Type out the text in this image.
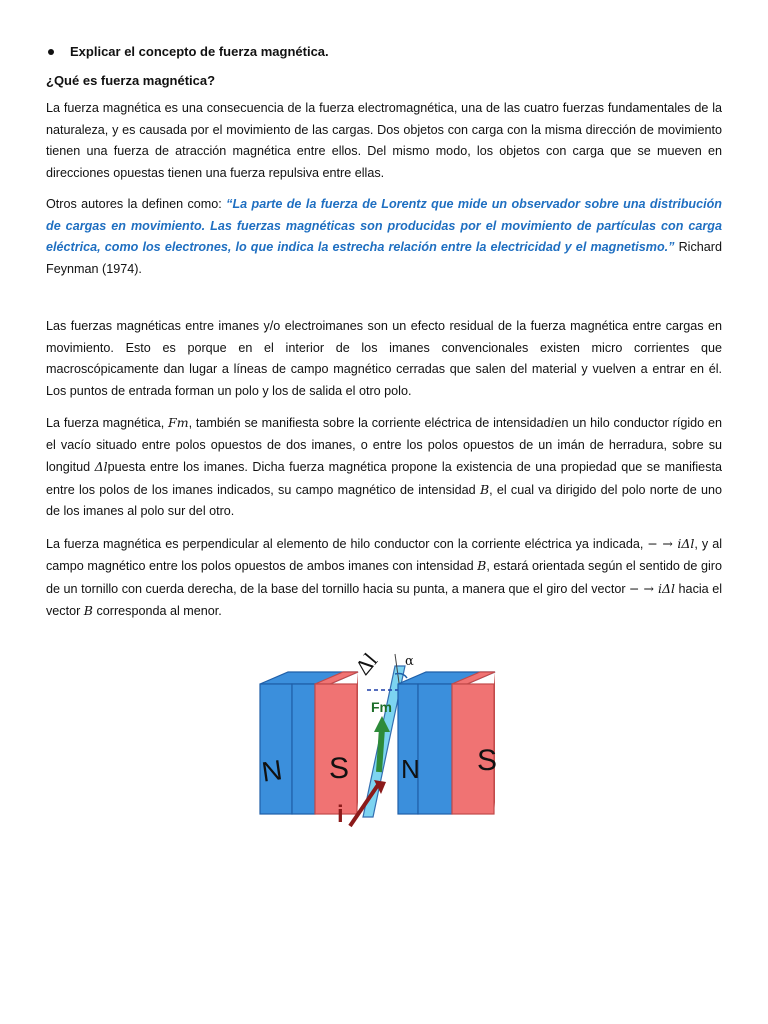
Explicar el concepto de fuerza magnética.
¿Qué es fuerza magnética?

La fuerza magnética es una consecuencia de la fuerza electromagnética, una de las cuatro fuerzas fundamentales de la naturaleza, y es causada por el movimiento de las cargas. Dos objetos con carga con la misma dirección de movimiento tienen una fuerza de atracción magnética entre ellos. Del mismo modo, los objetos con carga que se mueven en direcciones opuestas tienen una fuerza repulsiva entre ellas.

Otros autores la definen como: “La parte de la fuerza de Lorentz que mide un observador sobre una distribución de cargas en movimiento. Las fuerzas magnéticas son producidas por el movimiento de partículas con carga eléctrica, como los electrones, lo que indica la estrecha relación entre la electricidad y el magnetismo.” Richard Feynman (1974).

Las fuerzas magnéticas entre imanes y/o electroimanes son un efecto residual de la fuerza magnética entre cargas en movimiento. Esto es porque en el interior de los imanes convencionales existen micro corrientes que macroscópicamente dan lugar a líneas de campo magnético cerradas que salen del material y vuelven a entrar en él. Los puntos de entrada forman un polo y los de salida el otro polo.

La fuerza magnética, Fm, también se manifiesta sobre la corriente eléctrica de intensidadien un hilo conductor rígido en el vacío situado entre polos opuestos de dos imanes, o entre los polos opuestos de un imán de herradura, sobre su longitud Δlpuesta entre los imanes. Dicha fuerza magnética propone la existencia de una propiedad que se manifiesta entre los polos de los imanes indicados, su campo magnético de intensidad B, el cual va dirigido del polo norte de uno de los imanes al polo sur del otro.

La fuerza magnética es perpendicular al elemento de hilo conductor con la corriente eléctrica ya indicada, − → iΔl, y al campo magnético entre los polos opuestos de ambos imanes con intensidad B, estará orientada según el sentido de giro de un tornillo con cuerda derecha, de la base del tornillo hacia su punta, a manera que el giro del vector − → iΔl hacia el vector B corresponda al menor.

N S N S
Fm
i
Δl α
